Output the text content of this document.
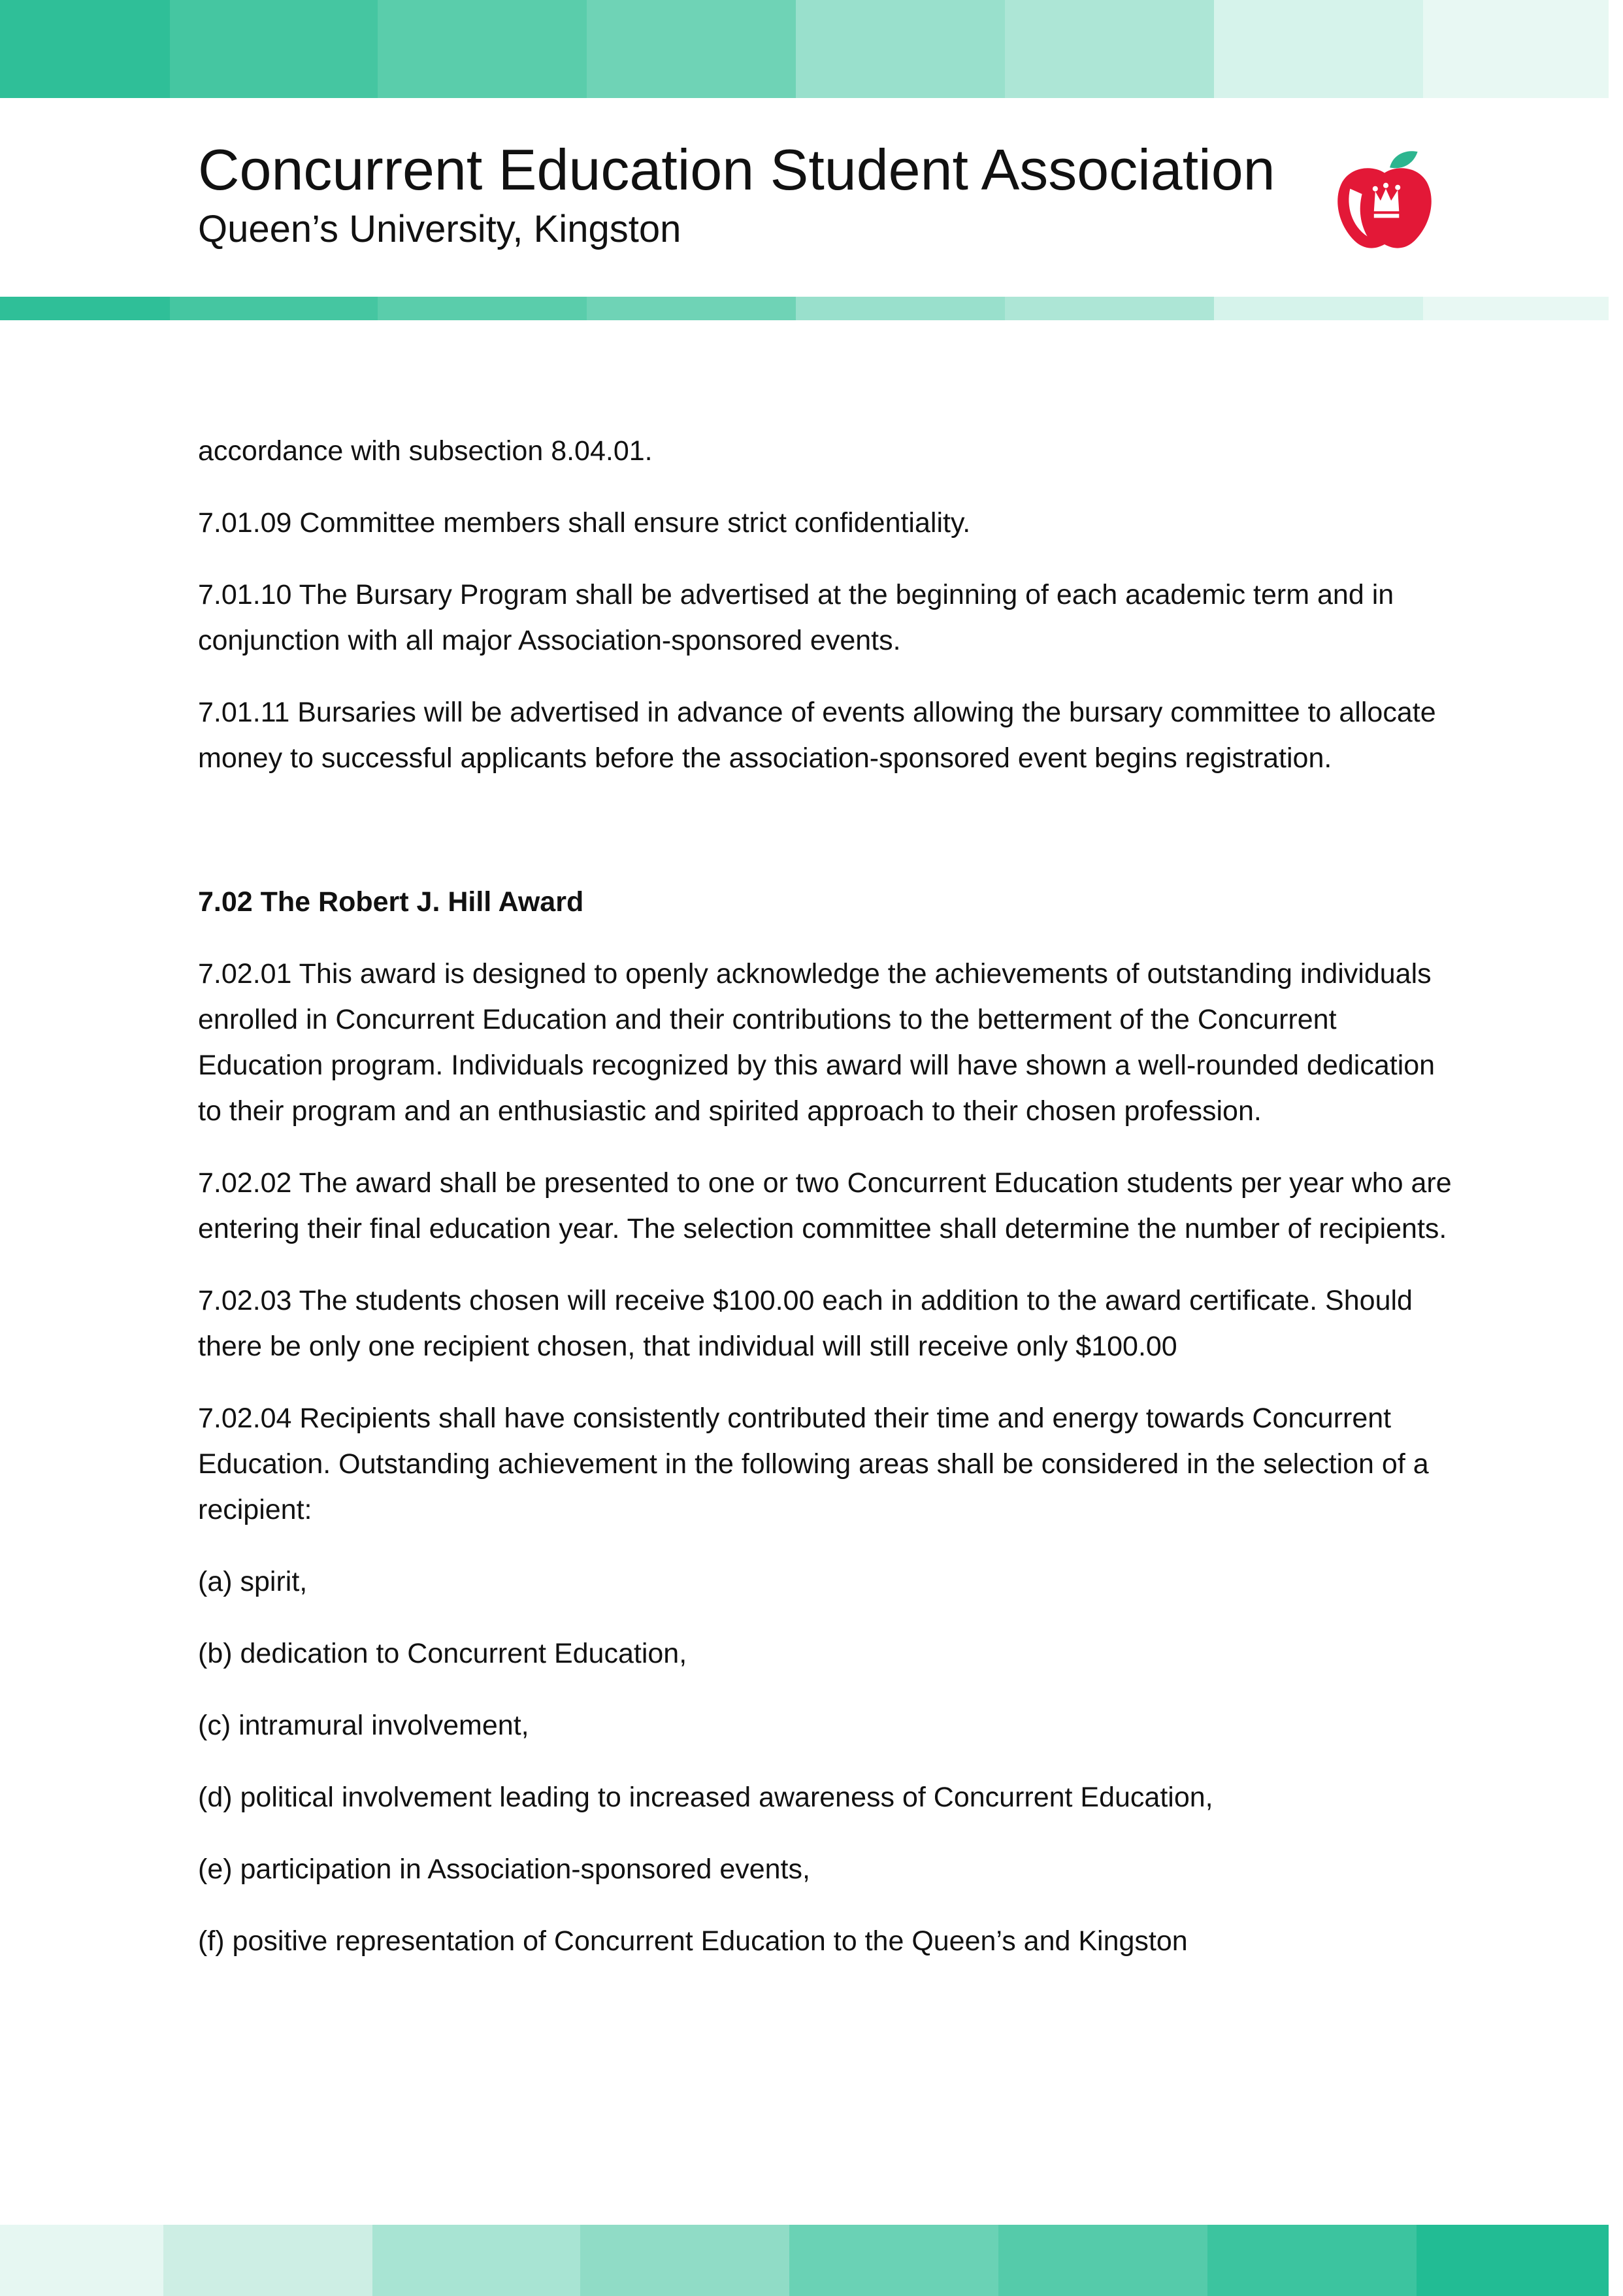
Concurrent Education Student Association
Queen’s University, Kingston

accordance with subsection 8.04.01.

7.01.09 Committee members shall ensure strict confidentiality.

7.01.10 The Bursary Program shall be advertised at the beginning of each academic term and in conjunction with all major Association-sponsored events.

7.01.11 Bursaries will be advertised in advance of events allowing the bursary committee to allocate money to successful applicants before the association-sponsored event begins registration.

7.02 The Robert J. Hill Award

7.02.01 This award is designed to openly acknowledge the achievements of outstanding individuals enrolled in Concurrent Education and their contributions to the betterment of the Concurrent Education program. Individuals recognized by this award will have shown a well-rounded dedication to their program and an enthusiastic and spirited approach to their chosen profession.

7.02.02 The award shall be presented to one or two Concurrent Education students per year who are entering their final education year. The selection committee shall determine the number of recipients.

7.02.03 The students chosen will receive $100.00 each in addition to the award certificate. Should there be only one recipient chosen, that individual will still receive only $100.00

7.02.04 Recipients shall have consistently contributed their time and energy towards Concurrent Education. Outstanding achievement in the following areas shall be considered in the selection of a recipient:

(a) spirit,

(b) dedication to Concurrent Education,

(c) intramural involvement,

(d) political involvement leading to increased awareness of Concurrent Education,

(e) participation in Association-sponsored events,

(f) positive representation of Concurrent Education to the Queen’s and Kingston
